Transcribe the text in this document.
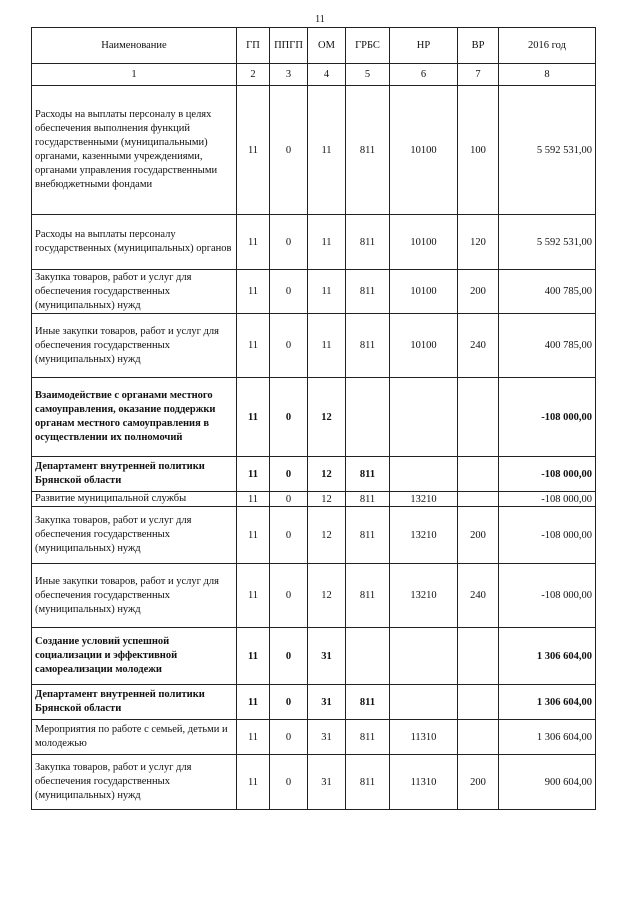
11
Наименование	ГП	ППГП	ОМ	ГРБС	НР	ВР	2016 год
1	2	3	4	5	6	7	8
Расходы на выплаты персоналу в целях обеспечения выполнения функций государственными (муниципальными) органами, казенными учреждениями, органами управления государственными внебюджетными фондами	11	0	11	811	10100	100	5 592 531,00
Расходы на выплаты персоналу государственных (муниципальных) органов	11	0	11	811	10100	120	5 592 531,00
Закупка товаров, работ и услуг для обеспечения государственных (муниципальных) нужд	11	0	11	811	10100	200	400 785,00
Иные закупки товаров, работ и услуг для обеспечения государственных (муниципальных) нужд	11	0	11	811	10100	240	400 785,00
Взаимодействие с органами местного самоуправления, оказание поддержки органам местного самоуправления в осуществлении их полномочий	11	0	12				-108 000,00
Департамент внутренней политики Брянской области	11	0	12	811			-108 000,00
Развитие муниципальной службы	11	0	12	811	13210		-108 000,00
Закупка товаров, работ и услуг для обеспечения государственных (муниципальных) нужд	11	0	12	811	13210	200	-108 000,00
Иные закупки товаров, работ и услуг для обеспечения государственных (муниципальных) нужд	11	0	12	811	13210	240	-108 000,00
Создание условий успешной социализации и эффективной самореализации молодежи	11	0	31				1 306 604,00
Департамент внутренней политики Брянской области	11	0	31	811			1 306 604,00
Мероприятия по работе с семьей, детьми и молодежью	11	0	31	811	11310		1 306 604,00
Закупка товаров, работ и услуг для обеспечения государственных (муниципальных) нужд	11	0	31	811	11310	200	900 604,00
